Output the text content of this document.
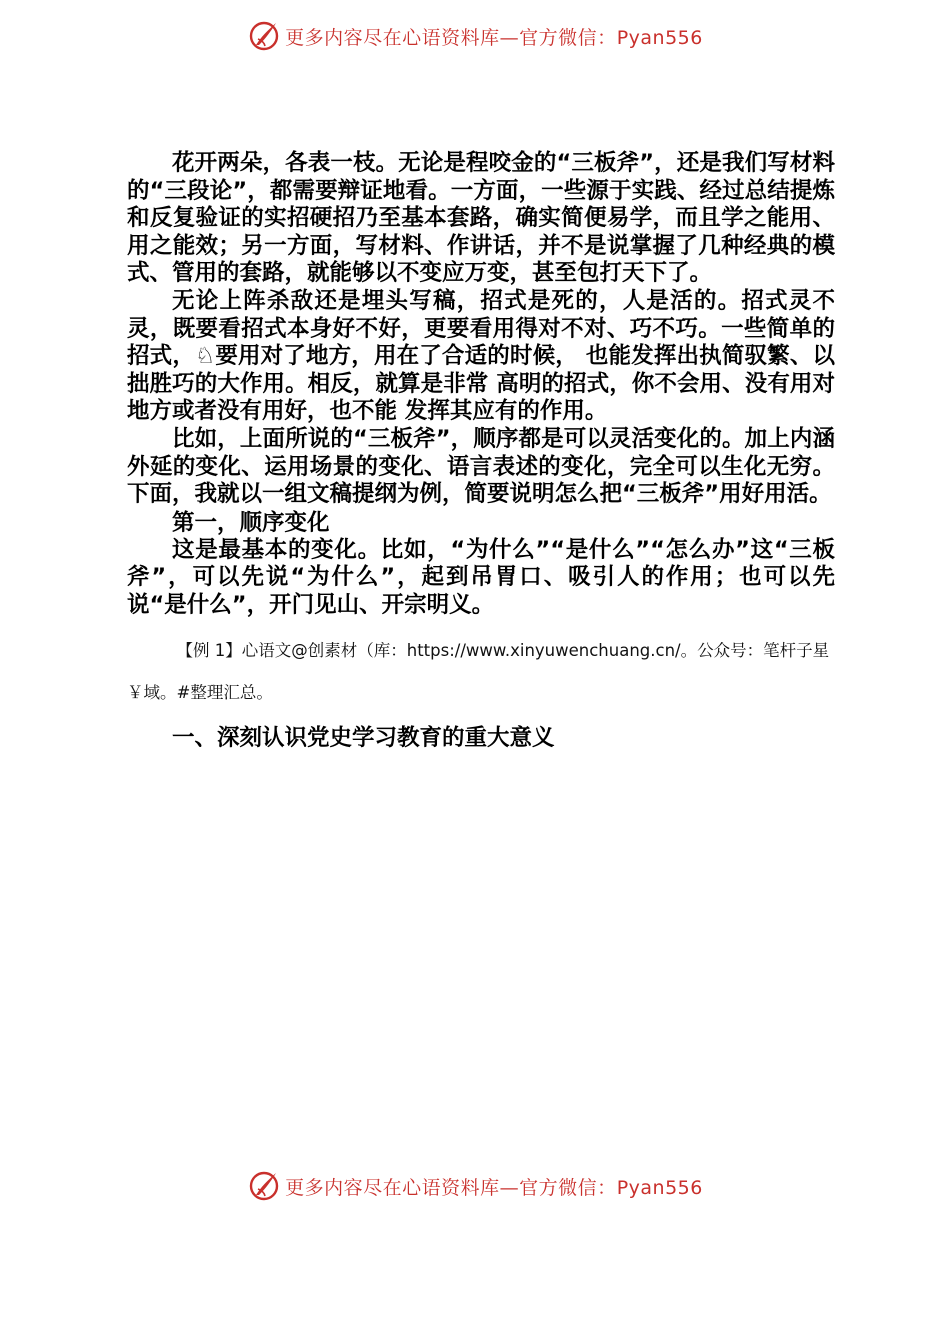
更多内容尽在心语资料库—官方微信：Pyan556

花开两朵，各表一枝。无论是程咬金的“三板斧”，还是我们写材料的“三段论”，都需要辩证地看。一方面，一些源于实践、经过总结提炼和反复验证的实招硬招乃至基本套路，确实简便易学，而且学之能用、用之能效；另一方面，写材料、作讲话，并不是说掌握了几种经典的模式、管用的套路，就能够以不变应万变，甚至包打天下了。

无论上阵杀敌还是埋头写稿，招式是死的，人是活的。招式灵不灵，既要看招式本身好不好，更要看用得对不对、巧不巧。一些简单的招式，♘要用对了地方，用在了合适的时候， 也能发挥出执简驭繁、以拙胜巧的大作用。相反，就算是非常 高明的招式，你不会用、没有用对地方或者没有用好，也不能 发挥其应有的作用。

比如，上面所说的“三板斧”，顺序都是可以灵活变化的。加上内涵外延的变化、运用场景的变化、语言表述的变化，完全可以生化无穷。下面，我就以一组文稿提纲为例，简要说明怎么把“三板斧”用好用活。

第一，顺序变化

这是最基本的变化。比如，“为什么”“是什么”“怎么办”这“三板斧”，可以先说“为什么”，起到吊胃口、吸引人的作用；也可以先说“是什么”，开门见山、开宗明义。

【例 1】心语文@创素材（库：https://www.xinyuwenchuang.cn/。公众号：笔杆子星￥域。#整理汇总。

一、深刻认识党史学习教育的重大意义

更多内容尽在心语资料库—官方微信：Pyan556
